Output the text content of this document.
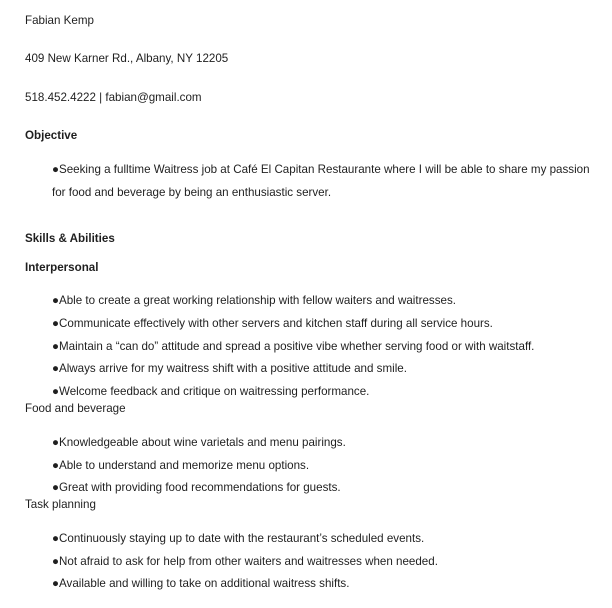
Fabian Kemp
409 New Karner Rd., Albany, NY 12205
518.452.4222 | fabian@gmail.com
Objective
●Seeking a fulltime Waitress job at Café El Capitan Restaurante where I will be able to share my passion
for food and beverage by being an enthusiastic server.
Skills & Abilities
Interpersonal
●Able to create a great working relationship with fellow waiters and waitresses.
●Communicate effectively with other servers and kitchen staff during all service hours.
●Maintain a “can do” attitude and spread a positive vibe whether serving food or with waitstaff.
●Always arrive for my waitress shift with a positive attitude and smile.
●Welcome feedback and critique on waitressing performance.
Food and beverage
●Knowledgeable about wine varietals and menu pairings.
●Able to understand and memorize menu options.
●Great with providing food recommendations for guests.
Task planning
●Continuously staying up to date with the restaurant’s scheduled events.
●Not afraid to ask for help from other waiters and waitresses when needed.
●Available and willing to take on additional waitress shifts.
